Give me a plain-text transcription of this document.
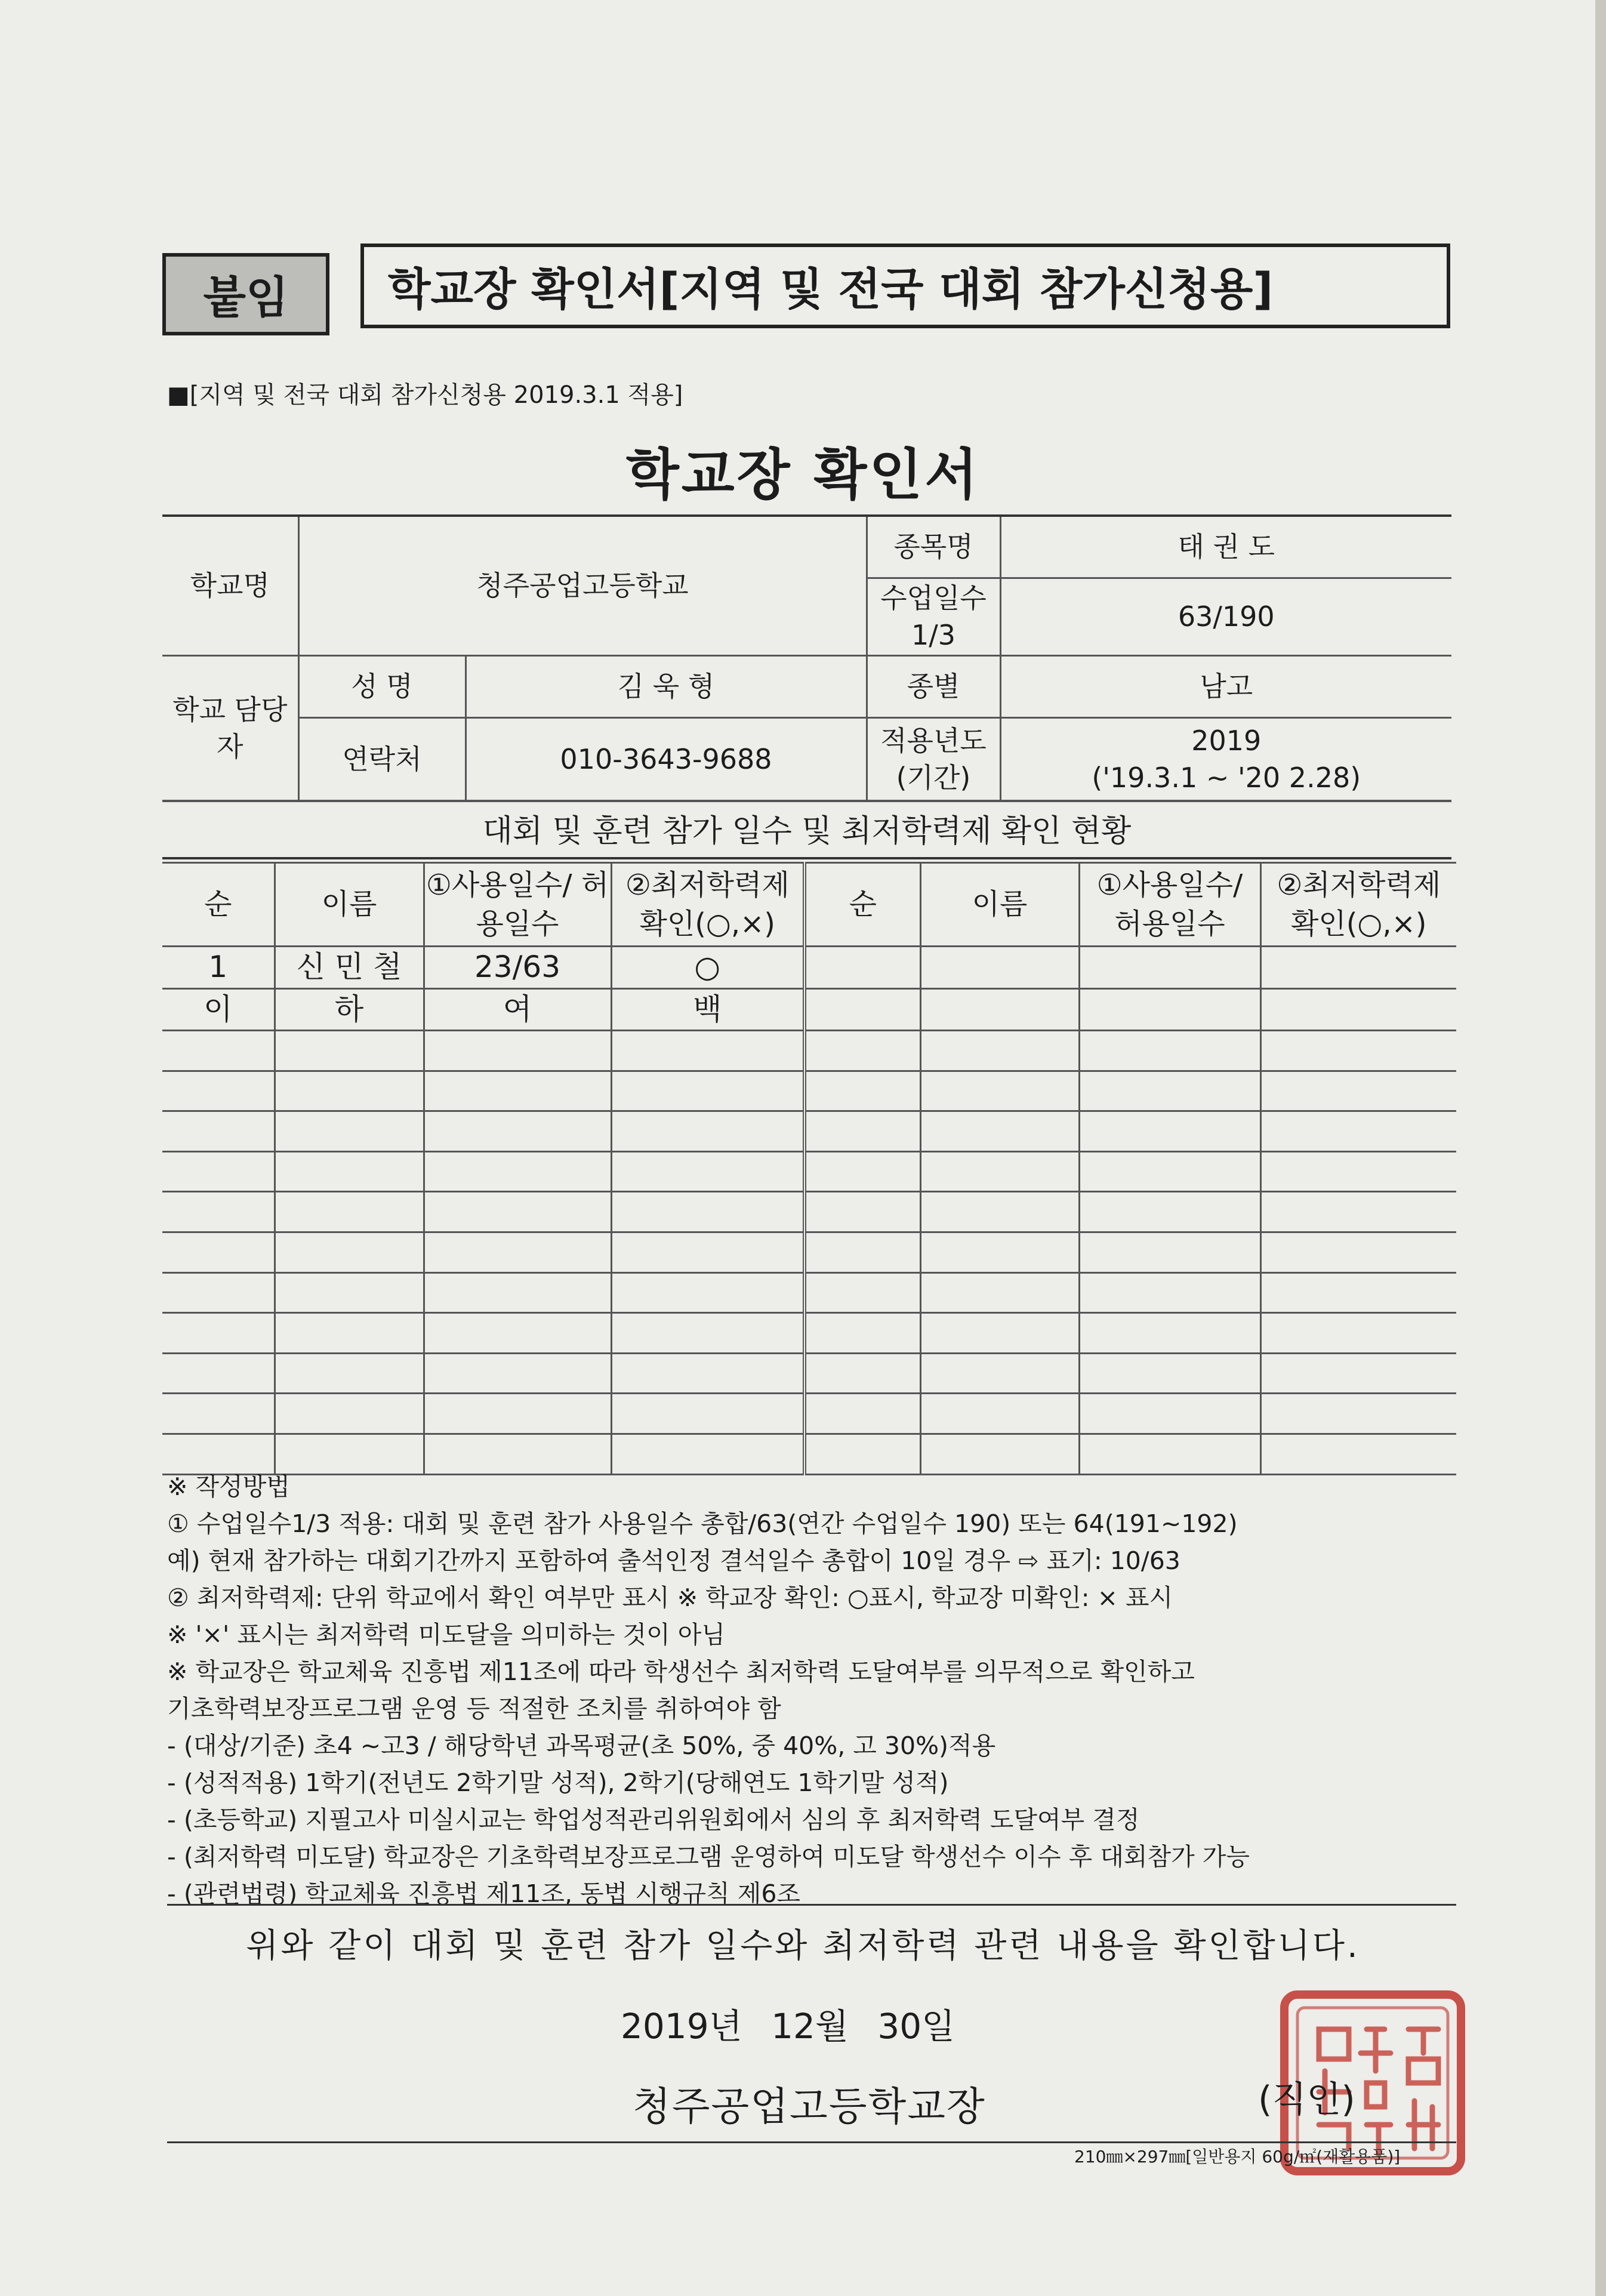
붙임	학교장 확인서[지역 및 전국 대회 참가신청용]
■[지역 및 전국 대회 참가신청용 2019.3.1 적용]
학교장 확인서
학교명	청주공업고등학교		종목명	태 권 도
			수업일수 1/3	63/190
학교 담당자	성 명	김 욱 형	종별	남고
	연락처	010-3643-9688	적용년도 (기간)	2019
('19.3.1 ~ '20 2.28)
대회 및 훈련 참가 일수 및 최저학력제 확인 현황
순	이름	①사용일수/ 허용일수	②최저학력제 확인(○,×)	순	이름	①사용일수/ 허용일수	②최저학력제 확인(○,×)
1	신 민 철	23/63	○				
이	하	여	백				

※ 작성방법
① 수업일수1/3 적용: 대회 및 훈련 참가 사용일수 총합/63(연간 수업일수 190) 또는 64(191~192)
예) 현재 참가하는 대회기간까지 포함하여 출석인정 결석일수 총합이 10일 경우 ⇨ 표기: 10/63
② 최저학력제: 단위 학교에서 확인 여부만 표시 ※ 학교장 확인: ○표시, 학교장 미확인: × 표시
※ '×' 표시는 최저학력 미도달을 의미하는 것이 아님
※ 학교장은 학교체육 진흥법 제11조에 따라 학생선수 최저학력 도달여부를 의무적으로 확인하고
기초학력보장프로그램 운영 등 적절한 조치를 취하여야 함
- (대상/기준) 초4 ~고3 / 해당학년 과목평균(초 50%, 중 40%, 고 30%)적용
- (성적적용) 1학기(전년도 2학기말 성적), 2학기(당해연도 1학기말 성적)
- (초등학교) 지필고사 미실시교는 학업성적관리위원회에서 심의 후 최저학력 도달여부 결정
- (최저학력 미도달) 학교장은 기초학력보장프로그램 운영하여 미도달 학생선수 이수 후 대회참가 가능
- (관련법령) 학교체육 진흥법 제11조, 동법 시행규칙 제6조
위와 같이 대회 및 훈련 참가 일수와 최저학력 관련 내용을 확인합니다.
2019년 12월 30일
청주공업고등학교장	(직인)
210㎜×297㎜[일반용지 60g/㎡(재활용품)]
